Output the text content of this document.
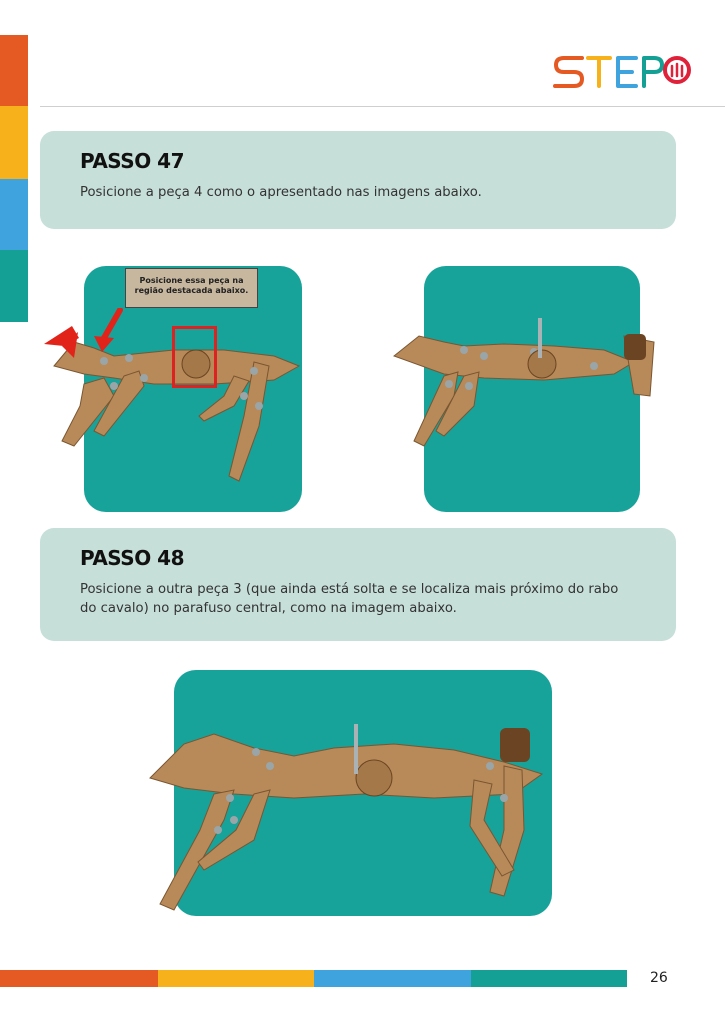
PASSO 47
Posicione a peça 4 como o apresentado nas imagens abaixo.
Posicione essa peça na
região destacada abaixo.
PASSO 48
Posicione a outra peça 3 (que ainda está solta e se localiza mais próximo do rabo do cavalo) no parafuso central, como na imagem abaixo.
26
